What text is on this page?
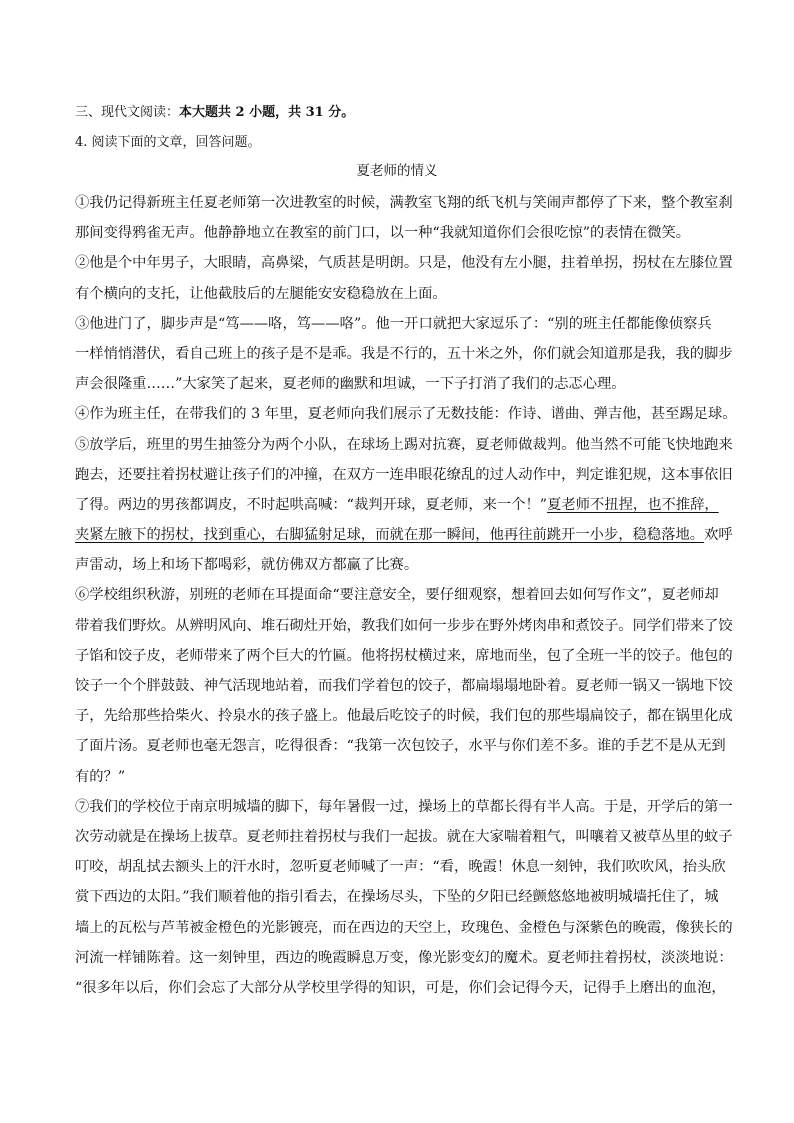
三、现代文阅读：本大题共 2 小题，共 31 分。
4. 阅读下面的文章，回答问题。
夏老师的情义
①我仍记得新班主任夏老师第一次进教室的时候，满教室飞翔的纸飞机与笑闹声都停了下来，整个教室刹
那间变得鸦雀无声。他静静地立在教室的前门口，以一种“我就知道你们会很吃惊”的表情在微笑。
②他是个中年男子，大眼睛，高鼻梁，气质甚是明朗。只是，他没有左小腿，拄着单拐，拐杖在左膝位置
有个横向的支托，让他截肢后的左腿能安安稳稳放在上面。
③他进门了，脚步声是“笃——咯，笃——咯”。他一开口就把大家逗乐了：“别的班主任都能像侦察兵
一样悄悄潜伏，看自己班上的孩子是不是乖。我是不行的，五十米之外，你们就会知道那是我，我的脚步
声会很隆重……”大家笑了起来，夏老师的幽默和坦诚，一下子打消了我们的忐忑心理。
④作为班主任，在带我们的 3 年里，夏老师向我们展示了无数技能：作诗、谱曲、弹吉他，甚至踢足球。
⑤放学后，班里的男生抽签分为两个小队，在球场上踢对抗赛，夏老师做裁判。他当然不可能飞快地跑来
跑去，还要拄着拐杖避让孩子们的冲撞，在双方一连串眼花缭乱的过人动作中，判定谁犯规，这本事依旧
了得。两边的男孩都调皮，不时起哄高喊：“裁判开球，夏老师，来一个！”夏老师不扭捏，也不推辞，
夹紧左腋下的拐杖，找到重心，右脚猛射足球，而就在那一瞬间，他再往前跳开一小步，稳稳落地。欢呼
声雷动，场上和场下都喝彩，就仿佛双方都赢了比赛。
⑥学校组织秋游，别班的老师在耳提面命“要注意安全，要仔细观察，想着回去如何写作文”，夏老师却
带着我们野炊。从辨明风向、堆石砌灶开始，教我们如何一步步在野外烤肉串和煮饺子。同学们带来了饺
子馅和饺子皮，老师带来了两个巨大的竹匾。他将拐杖横过来，席地而坐，包了全班一半的饺子。他包的
饺子一个个胖鼓鼓、神气活现地站着，而我们学着包的饺子，都扁塌塌地卧着。夏老师一锅又一锅地下饺
子，先给那些拾柴火、拎泉水的孩子盛上。他最后吃饺子的时候，我们包的那些塌扁饺子，都在锅里化成
了面片汤。夏老师也毫无怨言，吃得很香：“我第一次包饺子，水平与你们差不多。谁的手艺不是从无到
有的？”
⑦我们的学校位于南京明城墙的脚下，每年暑假一过，操场上的草都长得有半人高。于是，开学后的第一
次劳动就是在操场上拔草。夏老师拄着拐杖与我们一起拔。就在大家喘着粗气，叫嚷着又被草丛里的蚊子
叮咬，胡乱拭去额头上的汗水时，忽听夏老师喊了一声：“看，晚霞！休息一刻钟，我们吹吹风，抬头欣
赏下西边的太阳。”我们顺着他的指引看去，在操场尽头，下坠的夕阳已经颤悠悠地被明城墙托住了，城
墙上的瓦松与芦苇被金橙色的光影镀亮，而在西边的天空上，玫瑰色、金橙色与深紫色的晚霞，像狭长的
河流一样铺陈着。这一刻钟里，西边的晚霞瞬息万变，像光影变幻的魔术。夏老师拄着拐杖，淡淡地说：
“很多年以后，你们会忘了大部分从学校里学得的知识，可是，你们会记得今天，记得手上磨出的血泡，
